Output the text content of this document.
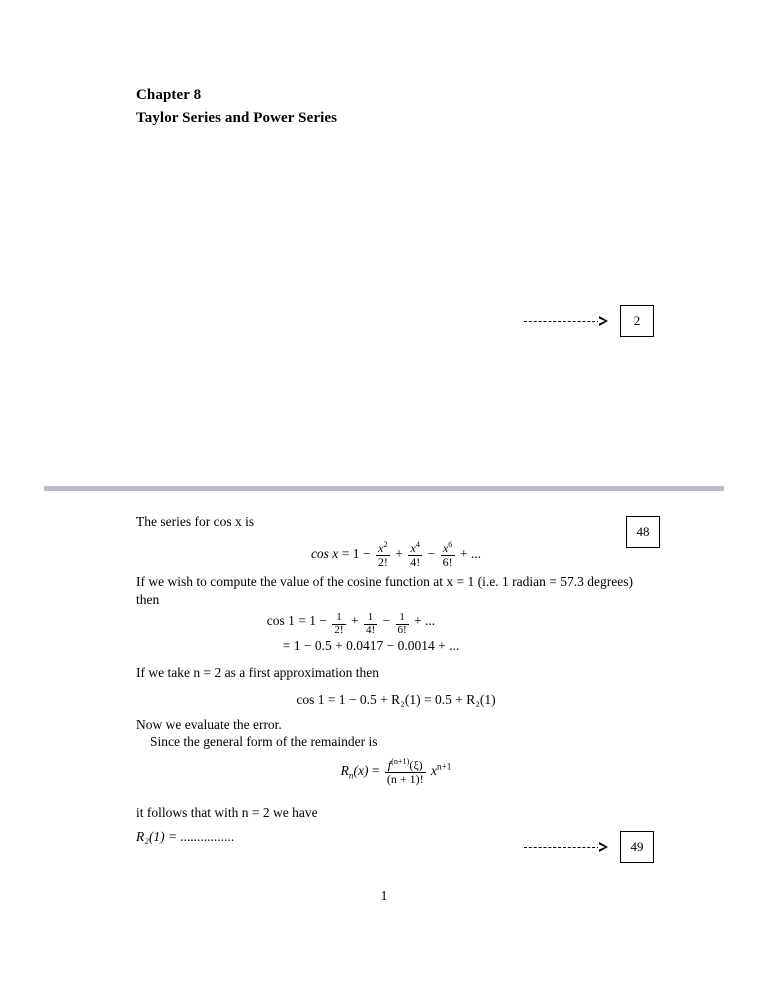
Chapter 8
Taylor Series and Power Series
2
48
The series for cos x is
$\cos x = 1 - \frac{x^2}{2!} + \frac{x^4}{4!} - \frac{x^6}{6!}$ + ...
If we wish to compute the value of the cosine function at x = 1 (i.e. 1 radian = 57.3 degrees)
then
$\cos 1 = 1 - \frac{1}{2!} + \frac{1}{4!} - \frac{1}{6!}$ + ...
= 1 − 0.5 + 0.0417 − 0.0014 + ...
If we take n = 2 as a first approximation then
cos 1 = 1 − 0.5 + R₂(1) = 0.5 + R₂(1)
Now we evaluate the error.
Since the general form of the remainder is
$R_n(x) = \frac{f^{(n+1)}(\xi)}{(n + 1)!} x^{n+1}$
it follows that with n = 2 we have
R₂(1) = ................
49
1
